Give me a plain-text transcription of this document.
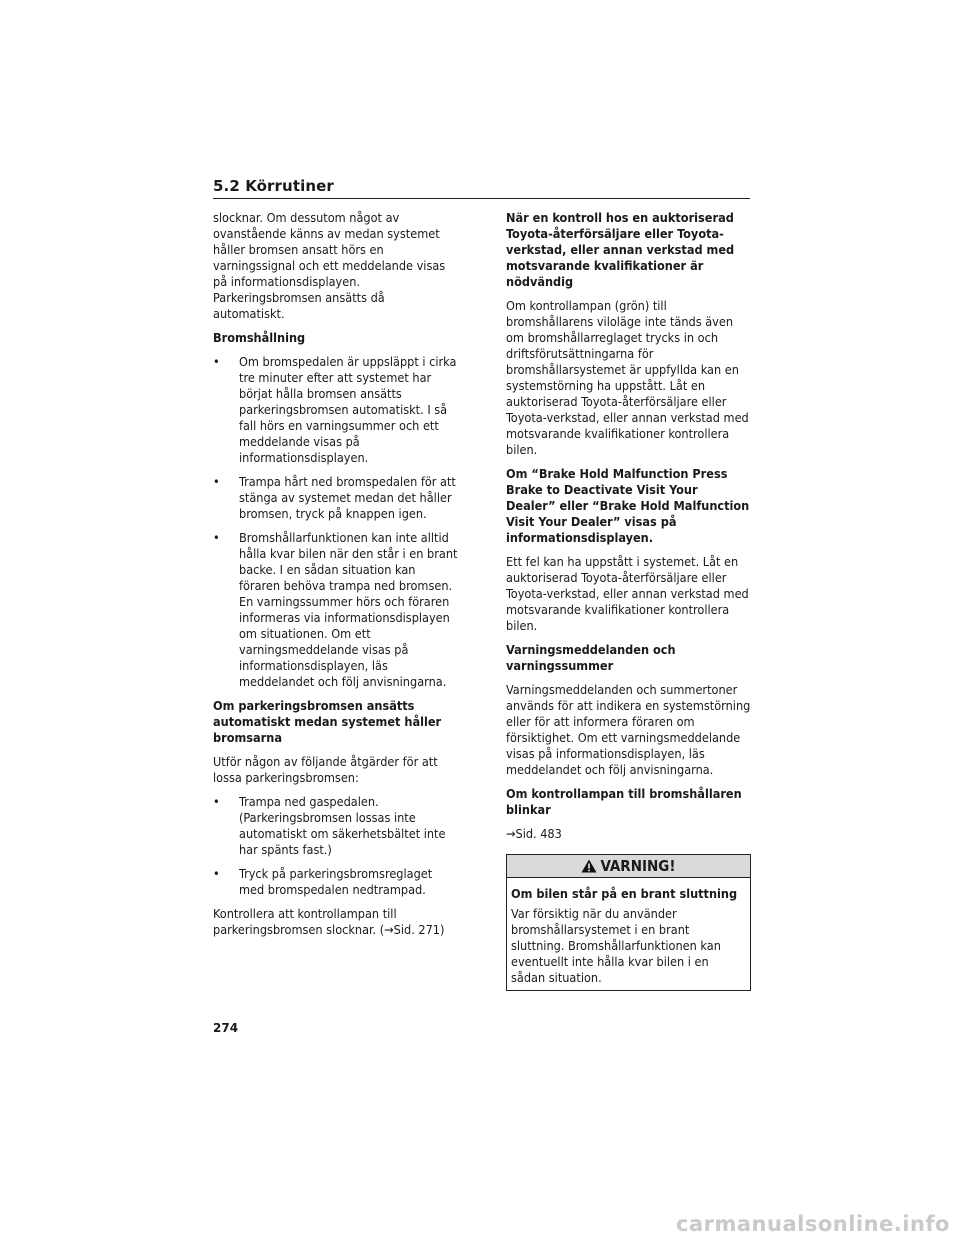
5.2 Körrutiner

slocknar. Om dessutom något av ovanstående känns av medan systemet håller bromsen ansatt hörs en varningssignal och ett meddelande visas på informationsdisplayen. Parkeringsbromsen ansätts då automatiskt.

Bromshållning

• Om bromspedalen är uppsläppt i cirka tre minuter efter att systemet har börjat hålla bromsen ansätts parkeringsbromsen automatiskt. I så fall hörs en varningsummer och ett meddelande visas på informationsdisplayen.
• Trampa hårt ned bromspedalen för att stänga av systemet medan det håller bromsen, tryck på knappen igen.
• Bromshållarfunktionen kan inte alltid hålla kvar bilen när den står i en brant backe. I en sådan situation kan föraren behöva trampa ned bromsen. En varningssummer hörs och föraren informeras via informationsdisplayen om situationen. Om ett varningsmeddelande visas på informationsdisplayen, läs meddelandet och följ anvisningarna.

Om parkeringsbromsen ansätts automatiskt medan systemet håller bromsarna

Utför någon av följande åtgärder för att lossa parkeringsbromsen:

• Trampa ned gaspedalen. (Parkeringsbromsen lossas inte automatiskt om säkerhetsbältet inte har spänts fast.)
• Tryck på parkeringsbromsreglaget med bromspedalen nedtrampad.

Kontrollera att kontrollampan till parkeringsbromsen slocknar. (→Sid. 271)

När en kontroll hos en auktoriserad Toyota-återförsäljare eller Toyota-verkstad, eller annan verkstad med motsvarande kvalifikationer är nödvändig

Om kontrollampan (grön) till bromshållarens viloläge inte tänds även om bromshållarreglaget trycks in och driftsförutsättningarna för bromshållarsystemet är uppfyllda kan en systemstörning ha uppstått. Låt en auktoriserad Toyota-återförsäljare eller Toyota-verkstad, eller annan verkstad med motsvarande kvalifikationer kontrollera bilen.

Om “Brake Hold Malfunction Press Brake to Deactivate Visit Your Dealer” eller “Brake Hold Malfunction Visit Your Dealer” visas på informationsdisplayen.

Ett fel kan ha uppstått i systemet. Låt en auktoriserad Toyota-återförsäljare eller Toyota-verkstad, eller annan verkstad med motsvarande kvalifikationer kontrollera bilen.

Varningsmeddelanden och varningssummer

Varningsmeddelanden och summertoner används för att indikera en systemstörning eller för att informera föraren om försiktighet. Om ett varningsmeddelande visas på informationsdisplayen, läs meddelandet och följ anvisningarna.

Om kontrollampan till bromshållaren blinkar

→Sid. 483

VARNING!

Om bilen står på en brant sluttning

Var försiktig när du använder bromshållarsystemet i en brant sluttning. Bromshållarfunktionen kan eventuellt inte hålla kvar bilen i en sådan situation.

274
carmanualsonline.info
